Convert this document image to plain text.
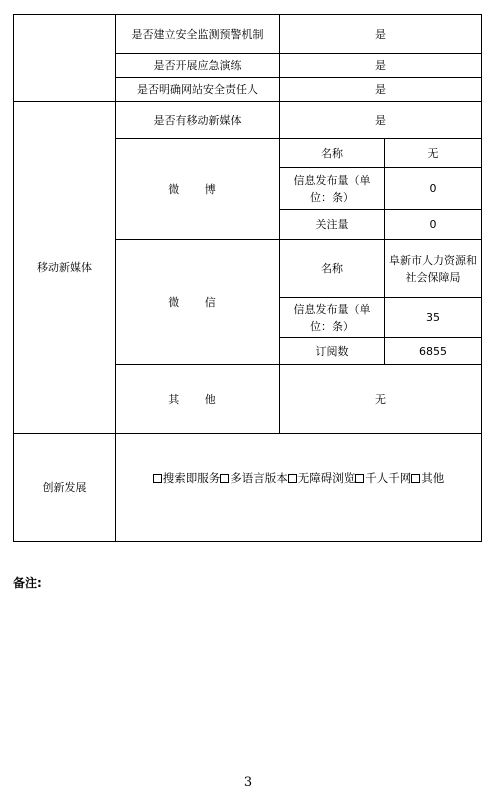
	是否建立安全监测预警机制	是	
	是否开展应急演练	是	
	是否明确网站安全责任人	是	
移动新媒体	是否有移动新媒体	是	
	微 博	名称	无
		信息发布量（单位：条）	0
		关注量	0
	微 信	名称	阜新市人力资源和社会保障局
		信息发布量（单位：条）	35
		订阅数	6855
	其 他	无	
创新发展	搜索即服务 多语言版本 无障碍浏览 千人千网 其他		
备注:
3
